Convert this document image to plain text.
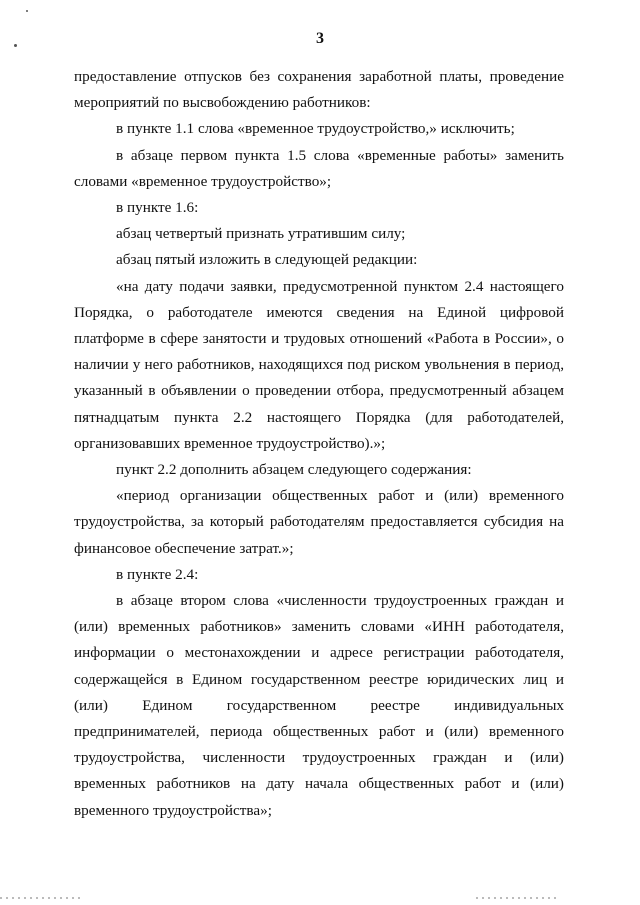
3

предоставление отпусков без сохранения заработной платы, проведение мероприятий по высвобождению работников:

в пункте 1.1 слова «временное трудоустройство,» исключить;

в абзаце первом пункта 1.5 слова «временные работы» заменить словами «временное трудоустройство»;

в пункте 1.6:

абзац четвертый признать утратившим силу;

абзац пятый изложить в следующей редакции:

«на дату подачи заявки, предусмотренной пунктом 2.4 настоящего Порядка, о работодателе имеются сведения на Единой цифровой платформе в сфере занятости и трудовых отношений «Работа в России», о наличии у него работников, находящихся под риском увольнения в период, указанный в объявлении о проведении отбора, предусмотренный абзацем пятнадцатым пункта 2.2 настоящего Порядка (для работодателей, организовавших временное трудоустройство).»;

пункт 2.2 дополнить абзацем следующего содержания:

«период организации общественных работ и (или) временного трудоустройства, за который работодателям предоставляется субсидия на финансовое обеспечение затрат.»;

в пункте 2.4:

в абзаце втором слова «численности трудоустроенных граждан и (или) временных работников» заменить словами «ИНН работодателя, информации о местонахождении и адресе регистрации работодателя, содержащейся в Едином государственном реестре юридических лиц и (или) Едином государственном реестре индивидуальных предпринимателей, периода общественных работ и (или) временного трудоустройства, численности трудоустроенных граждан и (или) временных работников на дату начала общественных работ и (или) временного трудоустройства»;
